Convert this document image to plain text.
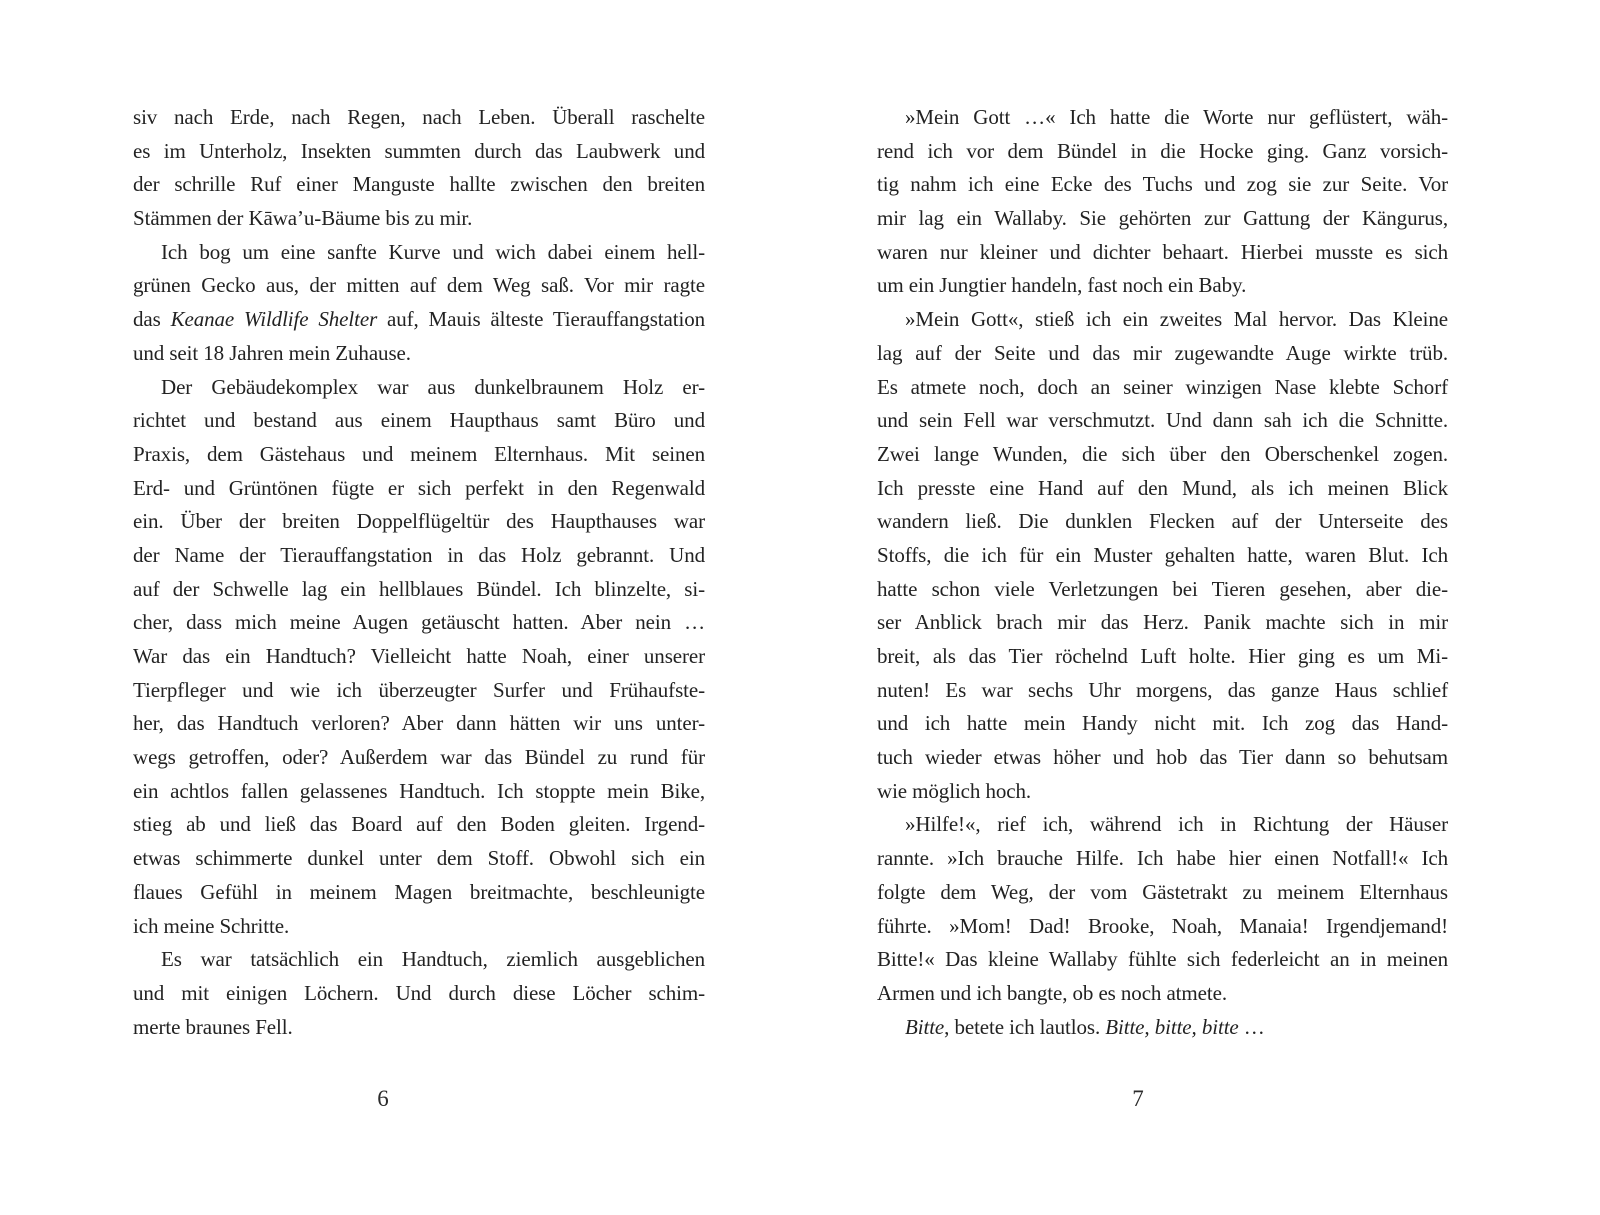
siv nach Erde, nach Regen, nach Leben. Überall raschelte
es im Unterholz, Insekten summten durch das Laubwerk und
der schrille Ruf einer Manguste hallte zwischen den breiten
Stämmen der Kāwa’u-Bäume bis zu mir.
Ich bog um eine sanfte Kurve und wich dabei einem hell-
grünen Gecko aus, der mitten auf dem Weg saß. Vor mir ragte
das Keanae Wildlife Shelter auf, Mauis älteste Tierauffangstation
und seit 18 Jahren mein Zuhause.
Der Gebäudekomplex war aus dunkelbraunem Holz er-
richtet und bestand aus einem Haupthaus samt Büro und
Praxis, dem Gästehaus und meinem Elternhaus. Mit seinen
Erd- und Grüntönen fügte er sich perfekt in den Regenwald
ein. Über der breiten Doppelflügeltür des Haupthauses war
der Name der Tierauffangstation in das Holz gebrannt. Und
auf der Schwelle lag ein hellblaues Bündel. Ich blinzelte, si-
cher, dass mich meine Augen getäuscht hatten. Aber nein …
War das ein Handtuch? Vielleicht hatte Noah, einer unserer
Tierpfleger und wie ich überzeugter Surfer und Frühaufste-
her, das Handtuch verloren? Aber dann hätten wir uns unter-
wegs getroffen, oder? Außerdem war das Bündel zu rund für
ein achtlos fallen gelassenes Handtuch. Ich stoppte mein Bike,
stieg ab und ließ das Board auf den Boden gleiten. Irgend-
etwas schimmerte dunkel unter dem Stoff. Obwohl sich ein
flaues Gefühl in meinem Magen breitmachte, beschleunigte
ich meine Schritte.
Es war tatsächlich ein Handtuch, ziemlich ausgeblichen
und mit einigen Löchern. Und durch diese Löcher schim-
merte braunes Fell.
6
»Mein Gott …« Ich hatte die Worte nur geflüstert, wäh-
rend ich vor dem Bündel in die Hocke ging. Ganz vorsich-
tig nahm ich eine Ecke des Tuchs und zog sie zur Seite. Vor
mir lag ein Wallaby. Sie gehörten zur Gattung der Kängurus,
waren nur kleiner und dichter behaart. Hierbei musste es sich
um ein Jungtier handeln, fast noch ein Baby.
»Mein Gott«, stieß ich ein zweites Mal hervor. Das Kleine
lag auf der Seite und das mir zugewandte Auge wirkte trüb.
Es atmete noch, doch an seiner winzigen Nase klebte Schorf
und sein Fell war verschmutzt. Und dann sah ich die Schnitte.
Zwei lange Wunden, die sich über den Oberschenkel zogen.
Ich presste eine Hand auf den Mund, als ich meinen Blick
wandern ließ. Die dunklen Flecken auf der Unterseite des
Stoffs, die ich für ein Muster gehalten hatte, waren Blut. Ich
hatte schon viele Verletzungen bei Tieren gesehen, aber die-
ser Anblick brach mir das Herz. Panik machte sich in mir
breit, als das Tier röchelnd Luft holte. Hier ging es um Mi-
nuten! Es war sechs Uhr morgens, das ganze Haus schlief
und ich hatte mein Handy nicht mit. Ich zog das Hand-
tuch wieder etwas höher und hob das Tier dann so behutsam
wie möglich hoch.
»Hilfe!«, rief ich, während ich in Richtung der Häuser
rannte. »Ich brauche Hilfe. Ich habe hier einen Notfall!« Ich
folgte dem Weg, der vom Gästetrakt zu meinem Elternhaus
führte. »Mom! Dad! Brooke, Noah, Manaia! Irgendjemand!
Bitte!« Das kleine Wallaby fühlte sich federleicht an in meinen
Armen und ich bangte, ob es noch atmete.
Bitte, betete ich lautlos. Bitte, bitte, bitte …
7
